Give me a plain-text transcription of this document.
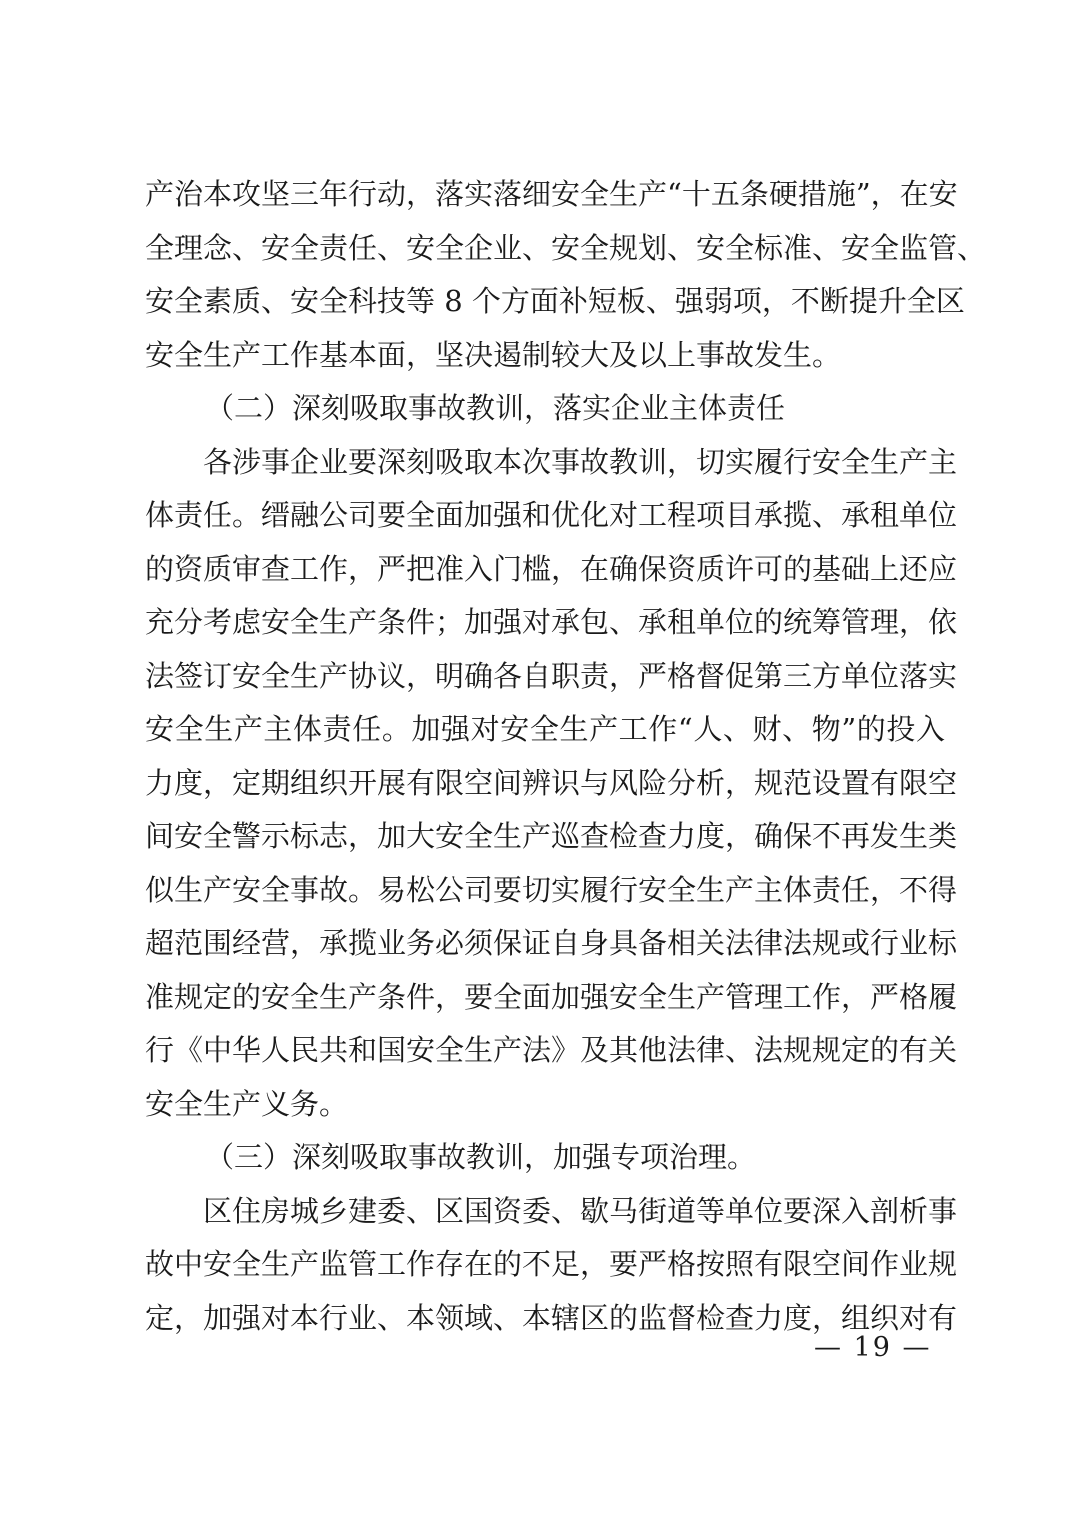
产治本攻坚三年行动，落实落细安全生产“十五条硬措施”，在安
全理念、安全责任、安全企业、安全规划、安全标准、安全监管、
安全素质、安全科技等 8 个方面补短板、强弱项，不断提升全区
安全生产工作基本面，坚决遏制较大及以上事故发生。
（二）深刻吸取事故教训，落实企业主体责任
各涉事企业要深刻吸取本次事故教训，切实履行安全生产主
体责任。缙融公司要全面加强和优化对工程项目承揽、承租单位
的资质审查工作，严把准入门槛，在确保资质许可的基础上还应
充分考虑安全生产条件；加强对承包、承租单位的统筹管理，依
法签订安全生产协议，明确各自职责，严格督促第三方单位落实
安全生产主体责任。加强对安全生产工作“人、财、物”的投入
力度，定期组织开展有限空间辨识与风险分析，规范设置有限空
间安全警示标志，加大安全生产巡查检查力度，确保不再发生类
似生产安全事故。易松公司要切实履行安全生产主体责任，不得
超范围经营，承揽业务必须保证自身具备相关法律法规或行业标
准规定的安全生产条件，要全面加强安全生产管理工作，严格履
行《中华人民共和国安全生产法》及其他法律、法规规定的有关
安全生产义务。
（三）深刻吸取事故教训，加强专项治理。
区住房城乡建委、区国资委、歇马街道等单位要深入剖析事
故中安全生产监管工作存在的不足，要严格按照有限空间作业规
定，加强对本行业、本领域、本辖区的监督检查力度，组织对有
— 19 —
